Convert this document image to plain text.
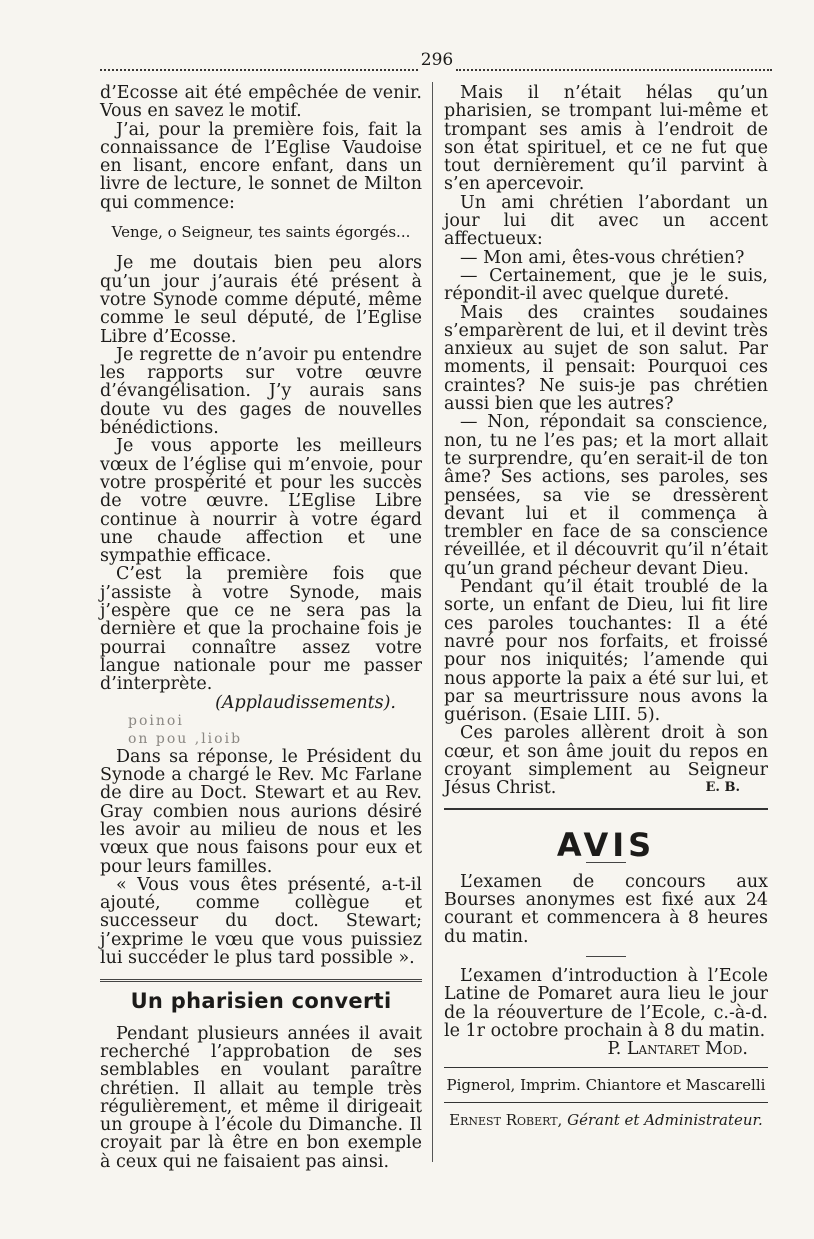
296

d’Ecosse ait été empêchée de venir. Vous en savez le motif.

J’ai, pour la première fois, fait la connaissance de l’Eglise Vaudoise en lisant, encore enfant, dans un livre de lecture, le sonnet de Milton qui commence:

Venge, o Seigneur, tes saints égorgés...

Je me doutais bien peu alors qu’un jour j’aurais été présent à votre Synode comme député, même comme le seul député, de l’Eglise Libre d’Ecosse.

Je regrette de n’avoir pu entendre les rapports sur votre œuvre d’évangélisation. J’y aurais sans doute vu des gages de nouvelles bénédictions.

Je vous apporte les meilleurs vœux de l’église qui m’envoie, pour votre prospérité et pour les succès de votre œuvre. L’Eglise Libre continue à nourrir à votre égard une chaude affection et une sympathie efficace.

C’est la première fois que j’assiste à votre Synode, mais j’espère que ce ne sera pas la dernière et que la prochaine fois je pourrai connaître assez votre langue nationale pour me passer d’interprète.

(Applaudissements).

poinoi
on pou ,lioib

Dans sa réponse, le Président du Synode a chargé le Rev. Mc Farlane de dire au Doct. Stewart et au Rev. Gray combien nous aurions désiré les avoir au milieu de nous et les vœux que nous faisons pour eux et pour leurs familles.

« Vous vous êtes présenté, a-t-il ajouté, comme collègue et successeur du doct. Stewart; j’exprime le vœu que vous puissiez lui succéder le plus tard possible ».

Un pharisien converti

Pendant plusieurs années il avait recherché l’approbation de ses semblables en voulant paraître chrétien. Il allait au temple très régulièrement, et même il dirigeait un groupe à l’école du Dimanche. Il croyait par là être en bon exemple à ceux qui ne faisaient pas ainsi.

Mais il n’était hélas qu’un pharisien, se trompant lui-même et trompant ses amis à l’endroit de son état spirituel, et ce ne fut que tout dernièrement qu’il parvint à s’en apercevoir.

Un ami chrétien l’abordant un jour lui dit avec un accent affectueux:

— Mon ami, êtes-vous chrétien?

— Certainement, que je le suis, répondit-il avec quelque dureté.

Mais des craintes soudaines s’emparèrent de lui, et il devint très anxieux au sujet de son salut. Par moments, il pensait: Pourquoi ces craintes? Ne suis-je pas chrétien aussi bien que les autres?

— Non, répondait sa conscience, non, tu ne l’es pas; et la mort allait te surprendre, qu’en serait-il de ton âme? Ses actions, ses paroles, ses pensées, sa vie se dressèrent devant lui et il commença à trembler en face de sa conscience réveillée, et il découvrit qu’il n’était qu’un grand pécheur devant Dieu.

Pendant qu’il était troublé de la sorte, un enfant de Dieu, lui fit lire ces paroles touchantes: Il a été navré pour nos forfaits, et froissé pour nos iniquités; l’amende qui nous apporte la paix a été sur lui, et par sa meurtrissure nous avons la guérison. (Esaie LIII. 5).

Ces paroles allèrent droit à son cœur, et son âme jouit du repos en croyant simplement au Seigneur Jésus Christ.	E. B.

AVIS

L’examen de concours aux Bourses anonymes est fixé aux 24 courant et commencera à 8 heures du matin.

L’examen d’introduction à l’Ecole Latine de Pomaret aura lieu le jour de la réouverture de l’Ecole, c.-à-d. le 1r octobre prochain à 8 du matin.

P. Lantaret Mod.

Pignerol, Imprim. Chiantore et Mascarelli

Ernest Robert, Gérant et Administrateur.
